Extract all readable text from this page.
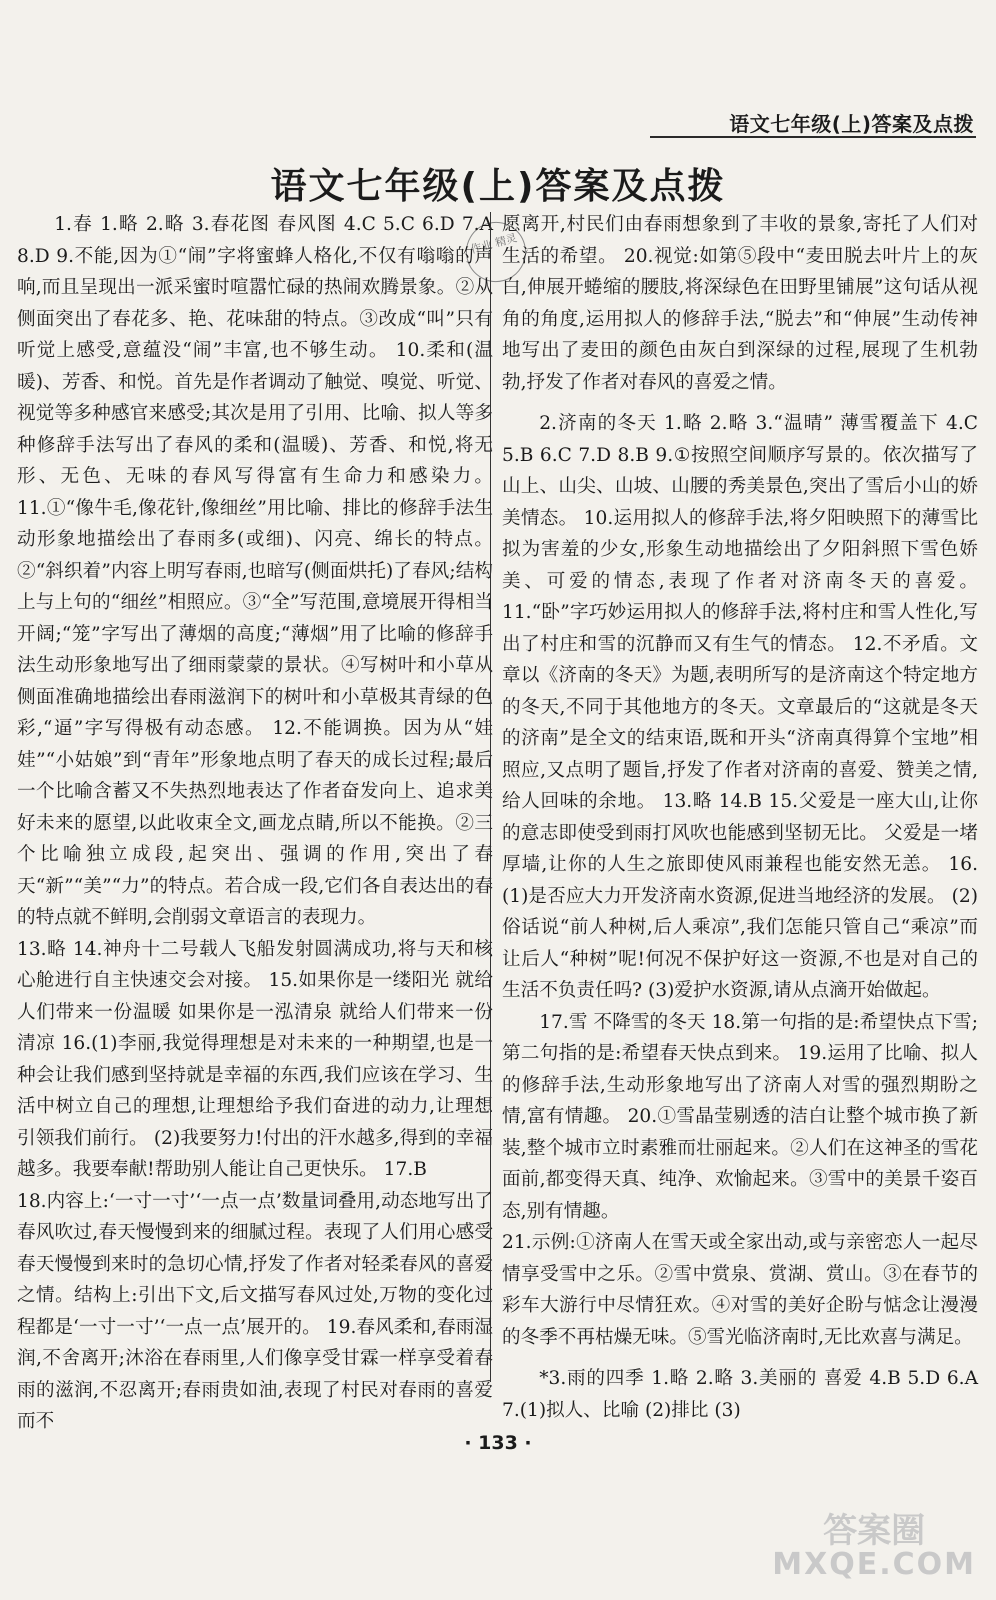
语文七年级(上)答案及点拨
语文七年级(上)答案及点拨
作业 精灵

1.春 1.略 2.略 3.春花图 春风图 4.C 5.C 6.D 7.A 8.D 9.不能,因为①“闹”字将蜜蜂人格化,不仅有嗡嗡的声响,而且呈现出一派采蜜时喧嚣忙碌的热闹欢腾景象。②从侧面突出了春花多、艳、花味甜的特点。③改成“叫”只有听觉上感受,意蕴没“闹”丰富,也不够生动。 10.柔和(温暖)、芳香、和悦。首先是作者调动了触觉、嗅觉、听觉、视觉等多种感官来感受;其次是用了引用、比喻、拟人等多种修辞手法写出了春风的柔和(温暖)、芳香、和悦,将无形、无色、无味的春风写得富有生命力和感染力。 11.①“像牛毛,像花针,像细丝”用比喻、排比的修辞手法生动形象地描绘出了春雨多(或细)、闪亮、绵长的特点。②“斜织着”内容上明写春雨,也暗写(侧面烘托)了春风;结构上与上句的“细丝”相照应。③“全”写范围,意境展开得相当开阔;“笼”字写出了薄烟的高度;“薄烟”用了比喻的修辞手法生动形象地写出了细雨蒙蒙的景状。④写树叶和小草从侧面准确地描绘出春雨滋润下的树叶和小草极其青绿的色彩,“逼”字写得极有动态感。 12.不能调换。因为从“娃娃”“小姑娘”到“青年”形象地点明了春天的成长过程;最后一个比喻含蓄又不失热烈地表达了作者奋发向上、追求美好未来的愿望,以此收束全文,画龙点睛,所以不能换。②三个比喻独立成段,起突出、强调的作用,突出了春天“新”“美”“力”的特点。若合成一段,它们各自表达出的春的特点就不鲜明,会削弱文章语言的表现力。

13.略 14.神舟十二号载人飞船发射圆满成功,将与天和核心舱进行自主快速交会对接。 15.如果你是一缕阳光 就给人们带来一份温暖 如果你是一泓清泉 就给人们带来一份清凉 16.(1)李丽,我觉得理想是对未来的一种期望,也是一种会让我们感到坚持就是幸福的东西,我们应该在学习、生活中树立自己的理想,让理想给予我们奋进的动力,让理想引领我们前行。 (2)我要努力!付出的汗水越多,得到的幸福越多。我要奉献!帮助别人能让自己更快乐。 17.B

18.内容上:‘一寸一寸’‘一点一点’数量词叠用,动态地写出了春风吹过,春天慢慢到来的细腻过程。表现了人们用心感受春天慢慢到来时的急切心情,抒发了作者对轻柔春风的喜爱之情。结构上:引出下文,后文描写春风过处,万物的变化过程都是‘一寸一寸’‘一点一点’展开的。 19.春风柔和,春雨湿润,不舍离开;沐浴在春雨里,人们像享受甘霖一样享受着春雨的滋润,不忍离开;春雨贵如油,表现了村民对春雨的喜爱而不

愿离开,村民们由春雨想象到了丰收的景象,寄托了人们对生活的希望。 20.视觉:如第⑤段中“麦田脱去叶片上的灰白,伸展开蜷缩的腰肢,将深绿色在田野里铺展”这句话从视角的角度,运用拟人的修辞手法,“脱去”和“伸展”生动传神地写出了麦田的颜色由灰白到深绿的过程,展现了生机勃勃,抒发了作者对春风的喜爱之情。

2.济南的冬天 1.略 2.略 3.“温晴” 薄雪覆盖下 4.C 5.B 6.C 7.D 8.B 9.①按照空间顺序写景的。依次描写了山上、山尖、山坡、山腰的秀美景色,突出了雪后小山的娇美情态。 10.运用拟人的修辞手法,将夕阳映照下的薄雪比拟为害羞的少女,形象生动地描绘出了夕阳斜照下雪色娇美、可爱的情态,表现了作者对济南冬天的喜爱。 11.“卧”字巧妙运用拟人的修辞手法,将村庄和雪人性化,写出了村庄和雪的沉静而又有生气的情态。 12.不矛盾。文章以《济南的冬天》为题,表明所写的是济南这个特定地方的冬天,不同于其他地方的冬天。文章最后的“这就是冬天的济南”是全文的结束语,既和开头“济南真得算个宝地”相照应,又点明了题旨,抒发了作者对济南的喜爱、赞美之情,给人回味的余地。 13.略 14.B 15.父爱是一座大山,让你的意志即使受到雨打风吹也能感到坚韧无比。 父爱是一堵厚墙,让你的人生之旅即使风雨兼程也能安然无恙。 16.(1)是否应大力开发济南水资源,促进当地经济的发展。 (2)俗话说“前人种树,后人乘凉”,我们怎能只管自己“乘凉”而让后人“种树”呢!何况不保护好这一资源,不也是对自己的生活不负责任吗? (3)爱护水资源,请从点滴开始做起。

17.雪 不降雪的冬天 18.第一句指的是:希望快点下雪;第二句指的是:希望春天快点到来。 19.运用了比喻、拟人的修辞手法,生动形象地写出了济南人对雪的强烈期盼之情,富有情趣。 20.①雪晶莹剔透的洁白让整个城市换了新装,整个城市立时素雅而壮丽起来。②人们在这神圣的雪花面前,都变得天真、纯净、欢愉起来。③雪中的美景千姿百态,别有情趣。

21.示例:①济南人在雪天或全家出动,或与亲密恋人一起尽情享受雪中之乐。②雪中赏泉、赏湖、赏山。③在春节的彩车大游行中尽情狂欢。④对雪的美好企盼与惦念让漫漫的冬季不再枯燥无味。⑤雪光临济南时,无比欢喜与满足。

*3.雨的四季 1.略 2.略 3.美丽的 喜爱 4.B 5.D 6.A 7.(1)拟人、比喻 (2)排比 (3)

· 133 ·
答案圈
MXQE.COM
